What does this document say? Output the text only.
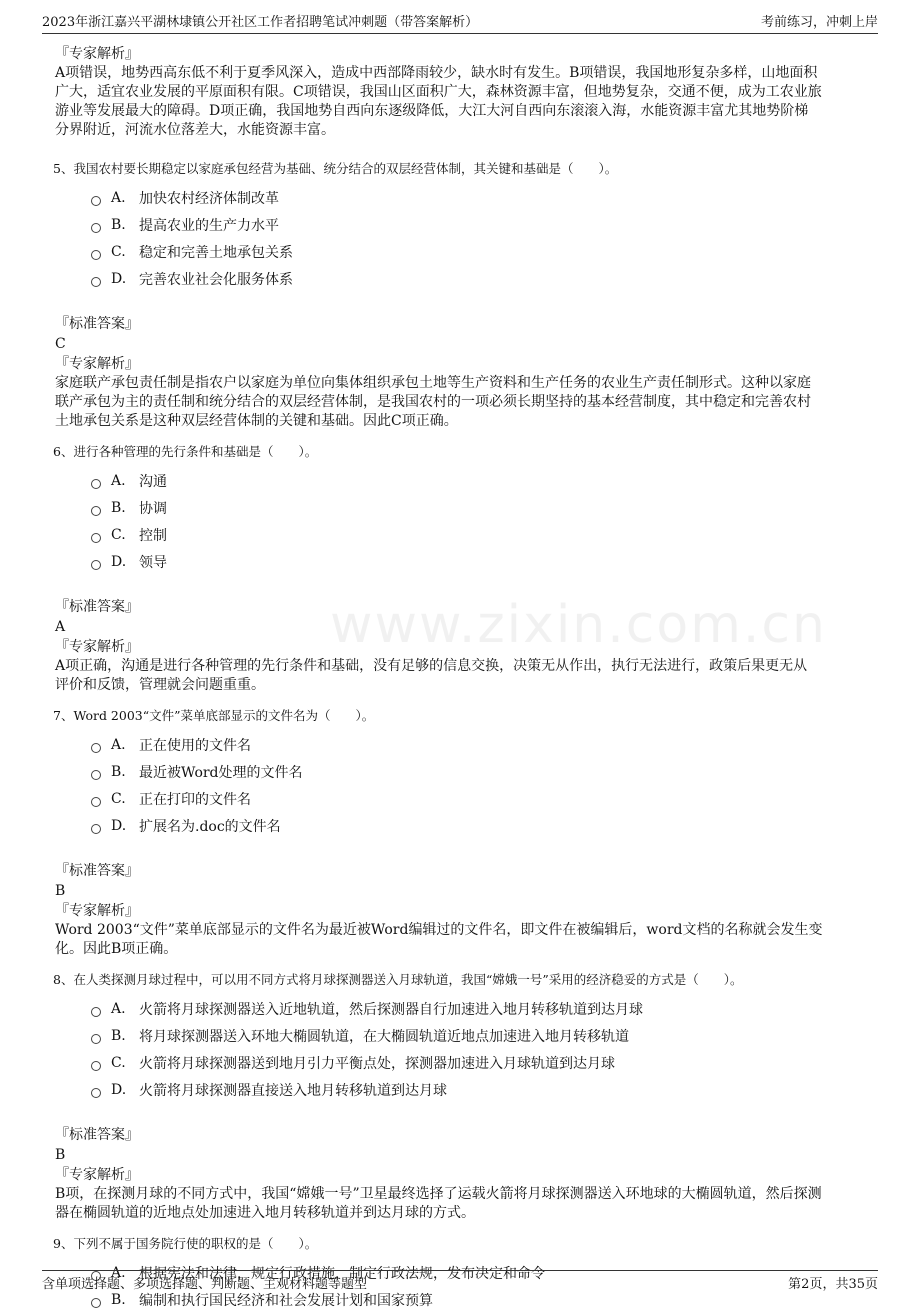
2023年浙江嘉兴平湖林埭镇公开社区工作者招聘笔试冲刺题（带答案解析）	考前练习，冲刺上岸
www.zixin.com.cn
『专家解析』
A项错误，地势西高东低不利于夏季风深入，造成中西部降雨较少，缺水时有发生。B项错误，我国地形复杂多样，山地面积
广大，适宜农业发展的平原面积有限。C项错误，我国山区面积广大，森林资源丰富，但地势复杂，交通不便，成为工农业旅
游业等发展最大的障碍。D项正确，我国地势自西向东逐级降低，大江大河自西向东滚滚入海，水能资源丰富尤其地势阶梯
分界附近，河流水位落差大，水能资源丰富。
5、我国农村要长期稳定以家庭承包经营为基础、统分结合的双层经营体制，其关键和基础是（　　）。
A. 加快农村经济体制改革
B. 提高农业的生产力水平
C. 稳定和完善土地承包关系
D. 完善农业社会化服务体系
『标准答案』
C
『专家解析』
家庭联产承包责任制是指农户以家庭为单位向集体组织承包土地等生产资料和生产任务的农业生产责任制形式。这种以家庭
联产承包为主的责任制和统分结合的双层经营体制，是我国农村的一项必须长期坚持的基本经营制度，其中稳定和完善农村
土地承包关系是这种双层经营体制的关键和基础。因此C项正确。
6、进行各种管理的先行条件和基础是（　　）。
A. 沟通
B. 协调
C. 控制
D. 领导
『标准答案』
A
『专家解析』
A项正确，沟通是进行各种管理的先行条件和基础，没有足够的信息交换，决策无从作出，执行无法进行，政策后果更无从
评价和反馈，管理就会问题重重。
7、Word 2003“文件”菜单底部显示的文件名为（　　）。
A. 正在使用的文件名
B. 最近被Word处理的文件名
C. 正在打印的文件名
D. 扩展名为.doc的文件名
『标准答案』
B
『专家解析』
Word 2003“文件”菜单底部显示的文件名为最近被Word编辑过的文件名，即文件在被编辑后，word文档的名称就会发生变
化。因此B项正确。
8、在人类探测月球过程中，可以用不同方式将月球探测器送入月球轨道，我国“嫦娥一号”采用的经济稳妥的方式是（　　）。
A. 火箭将月球探测器送入近地轨道，然后探测器自行加速进入地月转移轨道到达月球
B. 将月球探测器送入环地大椭圆轨道，在大椭圆轨道近地点加速进入地月转移轨道
C. 火箭将月球探测器送到地月引力平衡点处，探测器加速进入月球轨道到达月球
D. 火箭将月球探测器直接送入地月转移轨道到达月球
『标准答案』
B
『专家解析』
B项，在探测月球的不同方式中，我国“嫦娥一号”卫星最终选择了运载火箭将月球探测器送入环地球的大椭圆轨道，然后探测
器在椭圆轨道的近地点处加速进入地月转移轨道并到达月球的方式。
9、下列不属于国务院行使的职权的是（　　）。
A. 根据宪法和法律，规定行政措施，制定行政法规，发布决定和命令
B. 编制和执行国民经济和社会发展计划和国家预算
含单项选择题、多项选择题、判断题、主观材料题等题型	第2页，共35页
